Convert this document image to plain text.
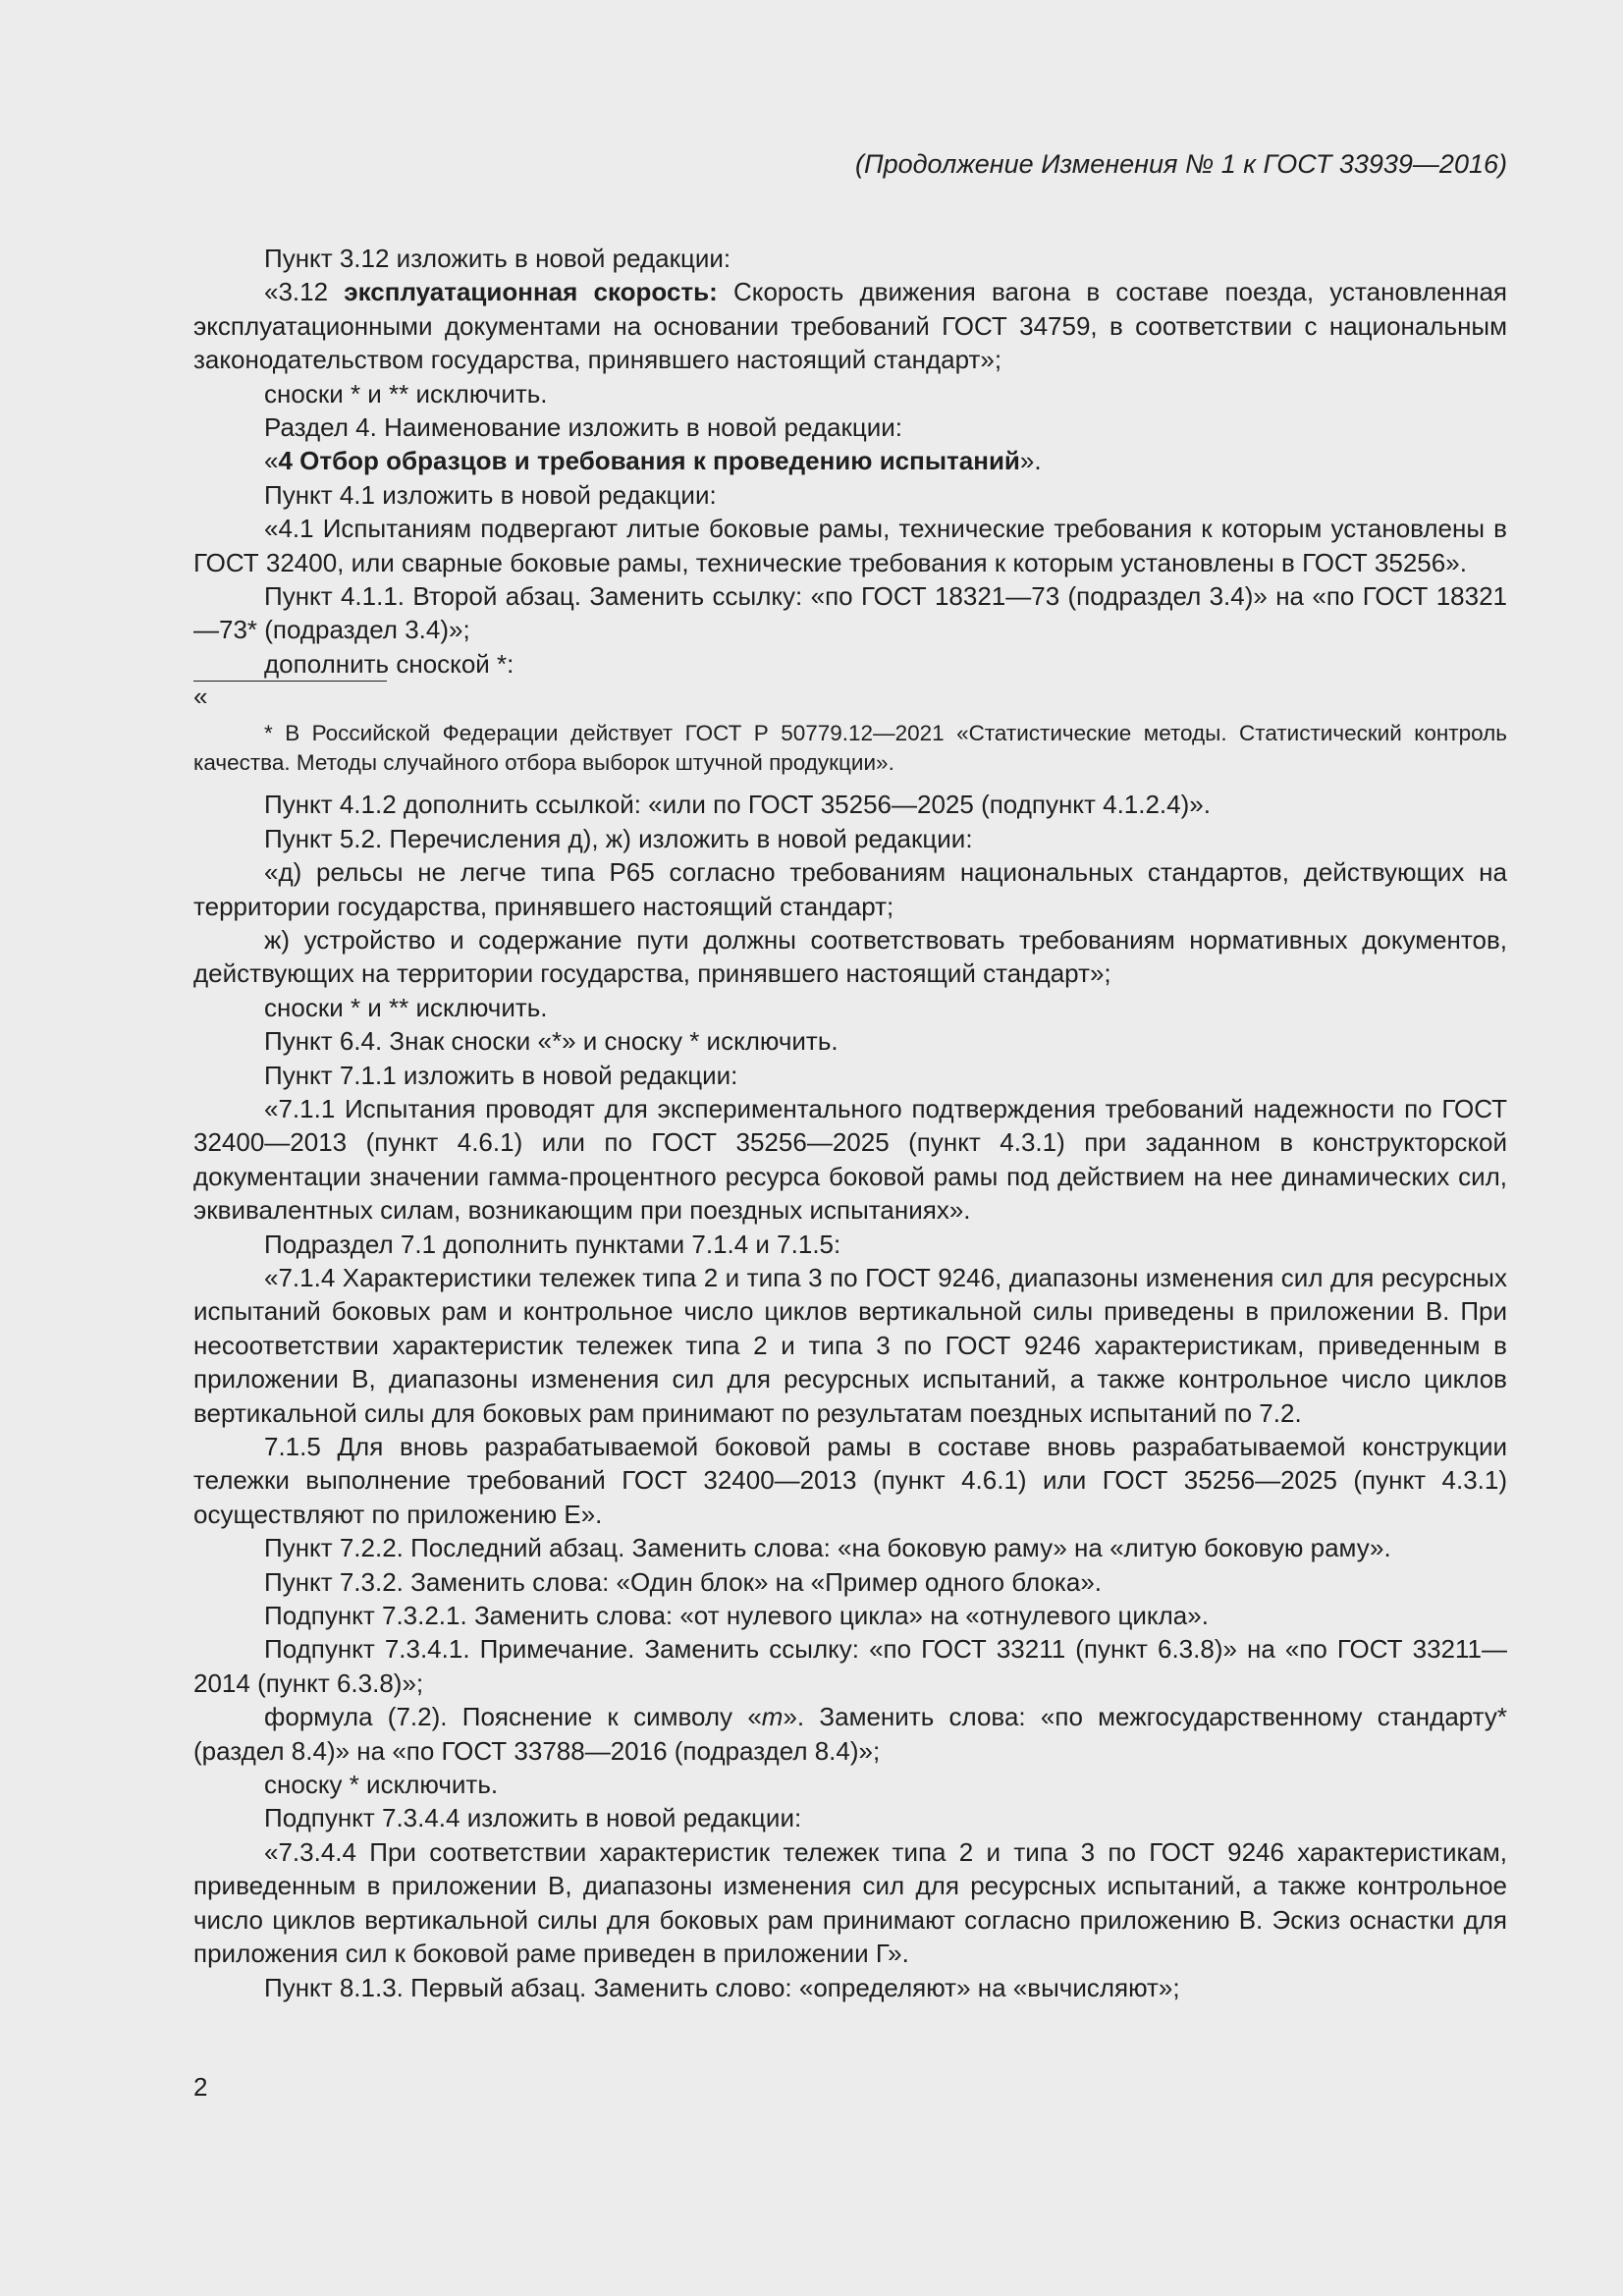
(Продолжение Изменения № 1 к ГОСТ 33939—2016)

Пункт 3.12 изложить в новой редакции:

«3.12 эксплуатационная скорость: Скорость движения вагона в составе поезда, установленная эксплуатационными документами на основании требований ГОСТ 34759, в соответствии с национальным законодательством государства, принявшего настоящий стандарт»;

сноски * и ** исключить.

Раздел 4. Наименование изложить в новой редакции:

«4 Отбор образцов и требования к проведению испытаний».

Пункт 4.1 изложить в новой редакции:

«4.1 Испытаниям подвергают литые боковые рамы, технические требования к которым установлены в ГОСТ 32400, или сварные боковые рамы, технические требования к которым установлены в ГОСТ 35256».

Пункт 4.1.1. Второй абзац. Заменить ссылку: «по ГОСТ 18321—73 (подраздел 3.4)» на «по ГОСТ 18321—73* (подраздел 3.4)»;

дополнить сноской *:

«

* В Российской Федерации действует ГОСТ Р 50779.12—2021 «Статистические методы. Статистический контроль качества. Методы случайного отбора выборок штучной продукции».

Пункт 4.1.2 дополнить ссылкой: «или по ГОСТ 35256—2025 (подпункт 4.1.2.4)».

Пункт 5.2. Перечисления д), ж) изложить в новой редакции:

«д) рельсы не легче типа Р65 согласно требованиям национальных стандартов, действующих на территории государства, принявшего настоящий стандарт;

ж) устройство и содержание пути должны соответствовать требованиям нормативных документов, действующих на территории государства, принявшего настоящий стандарт»;

сноски * и ** исключить.

Пункт 6.4. Знак сноски «*» и сноску * исключить.

Пункт 7.1.1 изложить в новой редакции:

«7.1.1 Испытания проводят для экспериментального подтверждения требований надежности по ГОСТ 32400—2013 (пункт 4.6.1) или по ГОСТ 35256—2025 (пункт 4.3.1) при заданном в конструкторской документации значении гамма-процентного ресурса боковой рамы под действием на нее динамических сил, эквивалентных силам, возникающим при поездных испытаниях».

Подраздел 7.1 дополнить пунктами 7.1.4 и 7.1.5:

«7.1.4 Характеристики тележек типа 2 и типа 3 по ГОСТ 9246, диапазоны изменения сил для ресурсных испытаний боковых рам и контрольное число циклов вертикальной силы приведены в приложении В. При несоответствии характеристик тележек типа 2 и типа 3 по ГОСТ 9246 характеристикам, приведенным в приложении В, диапазоны изменения сил для ресурсных испытаний, а также контрольное число циклов вертикальной силы для боковых рам принимают по результатам поездных испытаний по 7.2.

7.1.5 Для вновь разрабатываемой боковой рамы в составе вновь разрабатываемой конструкции тележки выполнение требований ГОСТ 32400—2013 (пункт 4.6.1) или ГОСТ 35256—2025 (пункт 4.3.1) осуществляют по приложению Е».

Пункт 7.2.2. Последний абзац. Заменить слова: «на боковую раму» на «литую боковую раму».

Пункт 7.3.2. Заменить слова: «Один блок» на «Пример одного блока».

Подпункт 7.3.2.1. Заменить слова: «от нулевого цикла» на «отнулевого цикла».

Подпункт 7.3.4.1. Примечание. Заменить ссылку: «по ГОСТ 33211 (пункт 6.3.8)» на «по ГОСТ 33211—2014 (пункт 6.3.8)»;

формула (7.2). Пояснение к символу «m». Заменить слова: «по межгосударственному стандарту* (раздел 8.4)» на «по ГОСТ 33788—2016 (подраздел 8.4)»;

сноску * исключить.

Подпункт 7.3.4.4 изложить в новой редакции:

«7.3.4.4 При соответствии характеристик тележек типа 2 и типа 3 по ГОСТ 9246 характеристикам, приведенным в приложении В, диапазоны изменения сил для ресурсных испытаний, а также контрольное число циклов вертикальной силы для боковых рам принимают согласно приложению В. Эскиз оснастки для приложения сил к боковой раме приведен в приложении Г».

Пункт 8.1.3. Первый абзац. Заменить слово: «определяют» на «вычисляют»;

2
